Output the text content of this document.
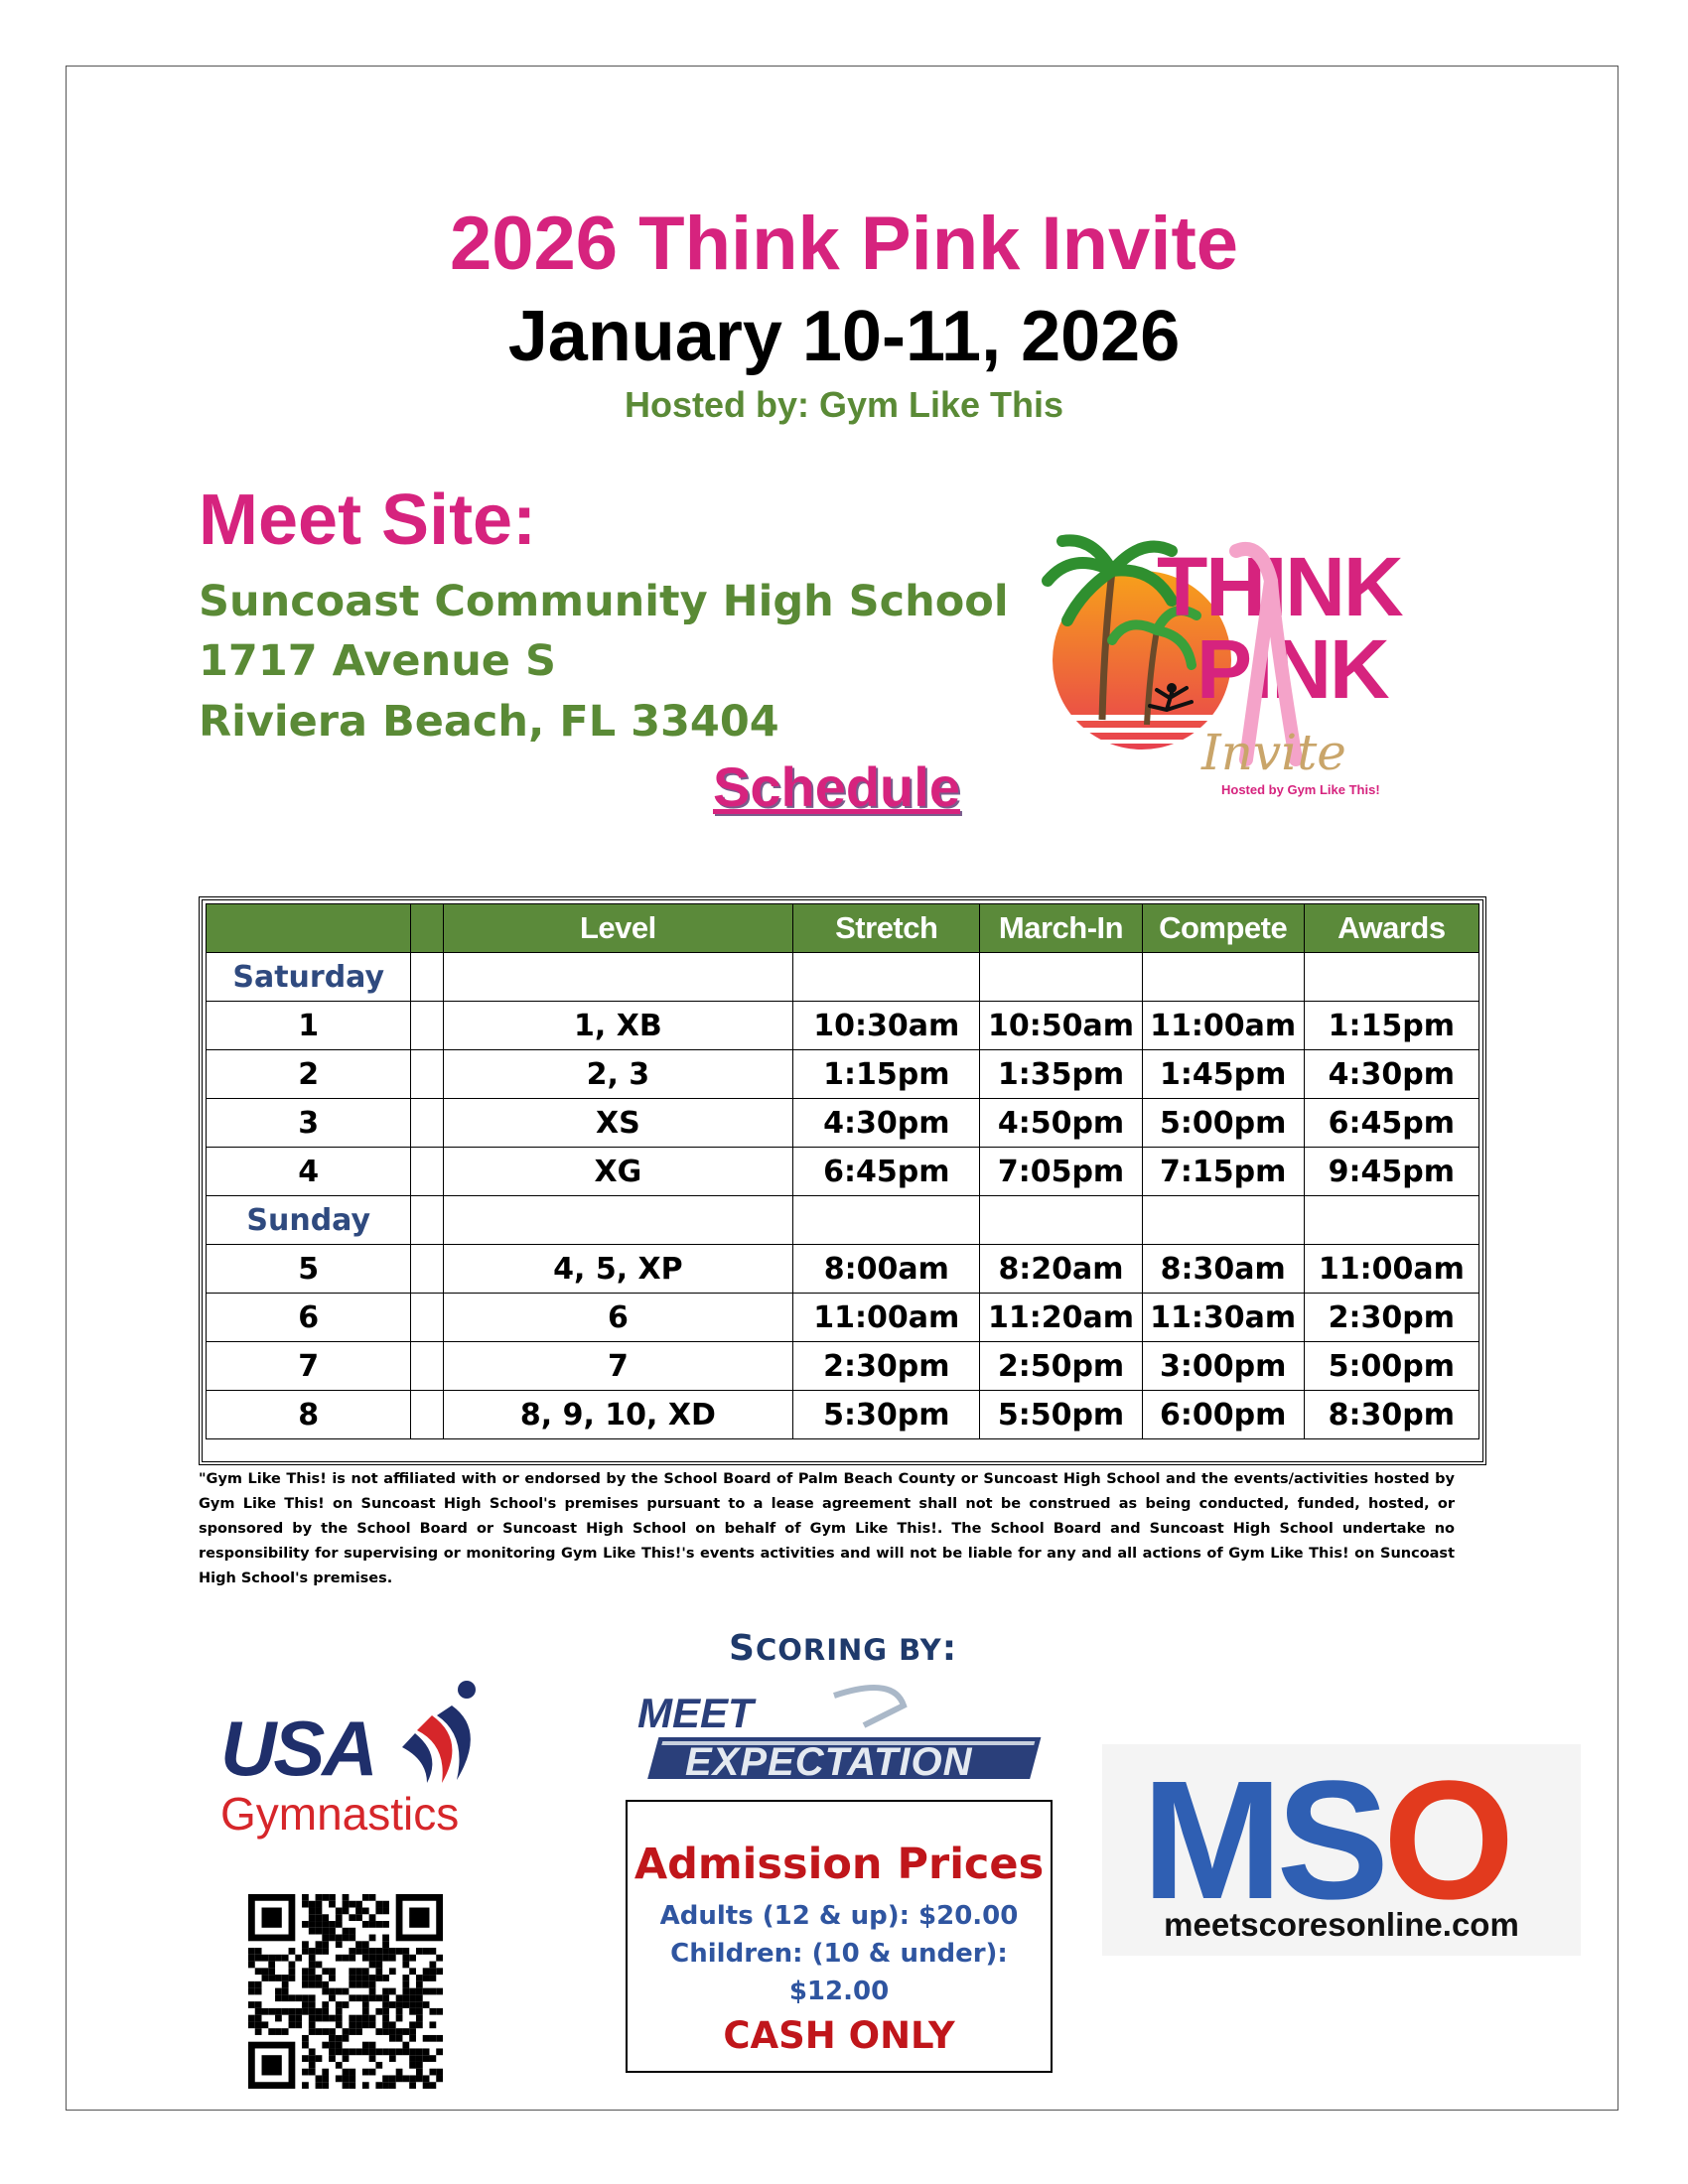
2026 Think Pink Invite
January 10-11, 2026
Hosted by: Gym Like This
Meet Site:
Suncoast Community High School
1717 Avenue S
Riviera Beach, FL 33404
THINK
PINK
Invite
Hosted by Gym Like This!
Schedule
		Level	Stretch	March-In	Compete	Awards
Saturday						
1		1, XB	10:30am	10:50am	11:00am	1:15pm
2		2, 3	1:15pm	1:35pm	1:45pm	4:30pm
3		XS	4:30pm	4:50pm	5:00pm	6:45pm
4		XG	6:45pm	7:05pm	7:15pm	9:45pm
Sunday						
5		4, 5, XP	8:00am	8:20am	8:30am	11:00am
6		6	11:00am	11:20am	11:30am	2:30pm
7		7	2:30pm	2:50pm	3:00pm	5:00pm
8		8, 9, 10, XD	5:30pm	5:50pm	6:00pm	8:30pm
"Gym Like This! is not affiliated with or endorsed by the School Board of Palm Beach County or Suncoast High School and the events/activities hosted by Gym Like This! on Suncoast High School's premises pursuant to a lease agreement shall not be construed as being conducted, funded, hosted, or sponsored by the School Board or Suncoast High School on behalf of Gym Like This!. The School Board and Suncoast High School undertake no responsibility for supervising or monitoring Gym Like This!'s events activities and will not be liable for any and all actions of Gym Like This! on Suncoast High School's premises.
SCORING BY:
MEET
EXPECTATION
USA
Gymnastics
Admission Prices
Adults (12 & up): $20.00
Children: (10 & under): $12.00
CASH ONLY
MSO
meetscoresonline.com
